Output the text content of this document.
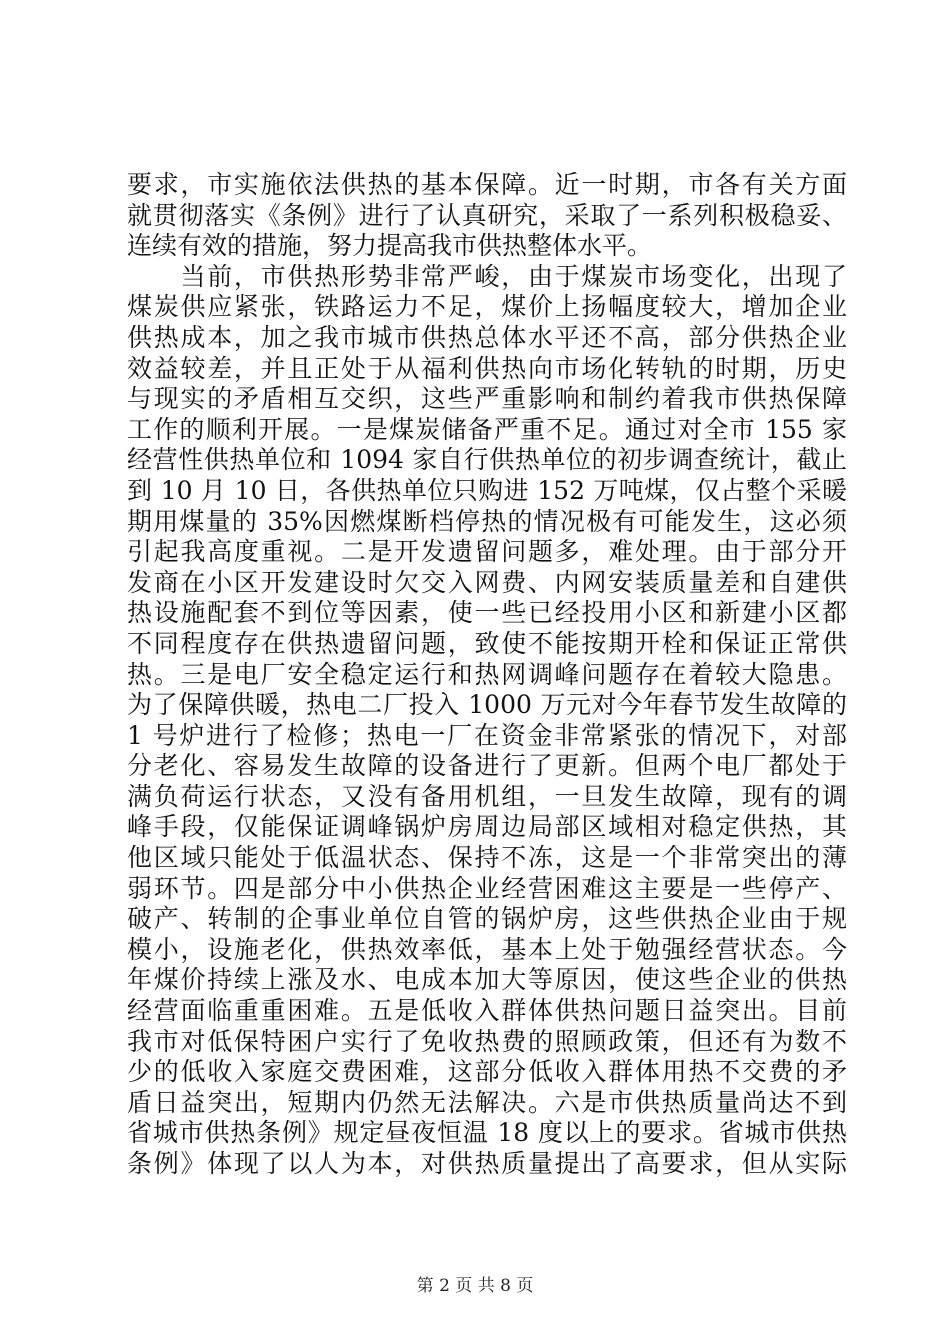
要求，市实施依法供热的基本保障。近一时期，市各有关方面
就贯彻落实《条例》进行了认真研究，采取了一系列积极稳妥、
连续有效的措施，努力提高我市供热整体水平。
　　当前，市供热形势非常严峻，由于煤炭市场变化，出现了
煤炭供应紧张，铁路运力不足，煤价上扬幅度较大，增加企业
供热成本，加之我市城市供热总体水平还不高，部分供热企业
效益较差，并且正处于从福利供热向市场化转轨的时期，历史
与现实的矛盾相互交织，这些严重影响和制约着我市供热保障
工作的顺利开展。一是煤炭储备严重不足。通过对全市 155 家
经营性供热单位和 1094 家自行供热单位的初步调查统计，截止
到 10 月 10 日，各供热单位只购进 152 万吨煤，仅占整个采暖
期用煤量的 35%因燃煤断档停热的情况极有可能发生，这必须
引起我高度重视。二是开发遗留问题多，难处理。由于部分开
发商在小区开发建设时欠交入网费、内网安装质量差和自建供
热设施配套不到位等因素，使一些已经投用小区和新建小区都
不同程度存在供热遗留问题，致使不能按期开栓和保证正常供
热。三是电厂安全稳定运行和热网调峰问题存在着较大隐患。
为了保障供暖，热电二厂投入 1000 万元对今年春节发生故障的
1 号炉进行了检修；热电一厂在资金非常紧张的情况下，对部
分老化、容易发生故障的设备进行了更新。但两个电厂都处于
满负荷运行状态，又没有备用机组，一旦发生故障，现有的调
峰手段，仅能保证调峰锅炉房周边局部区域相对稳定供热，其
他区域只能处于低温状态、保持不冻，这是一个非常突出的薄
弱环节。四是部分中小供热企业经营困难这主要是一些停产、
破产、转制的企事业单位自管的锅炉房，这些供热企业由于规
模小，设施老化，供热效率低，基本上处于勉强经营状态。今
年煤价持续上涨及水、电成本加大等原因，使这些企业的供热
经营面临重重困难。五是低收入群体供热问题日益突出。目前
我市对低保特困户实行了免收热费的照顾政策，但还有为数不
少的低收入家庭交费困难，这部分低收入群体用热不交费的矛
盾日益突出，短期内仍然无法解决。六是市供热质量尚达不到
省城市供热条例》规定昼夜恒温 18 度以上的要求。省城市供热
条例》体现了以人为本，对供热质量提出了高要求，但从实际
第 2 页 共 8 页
